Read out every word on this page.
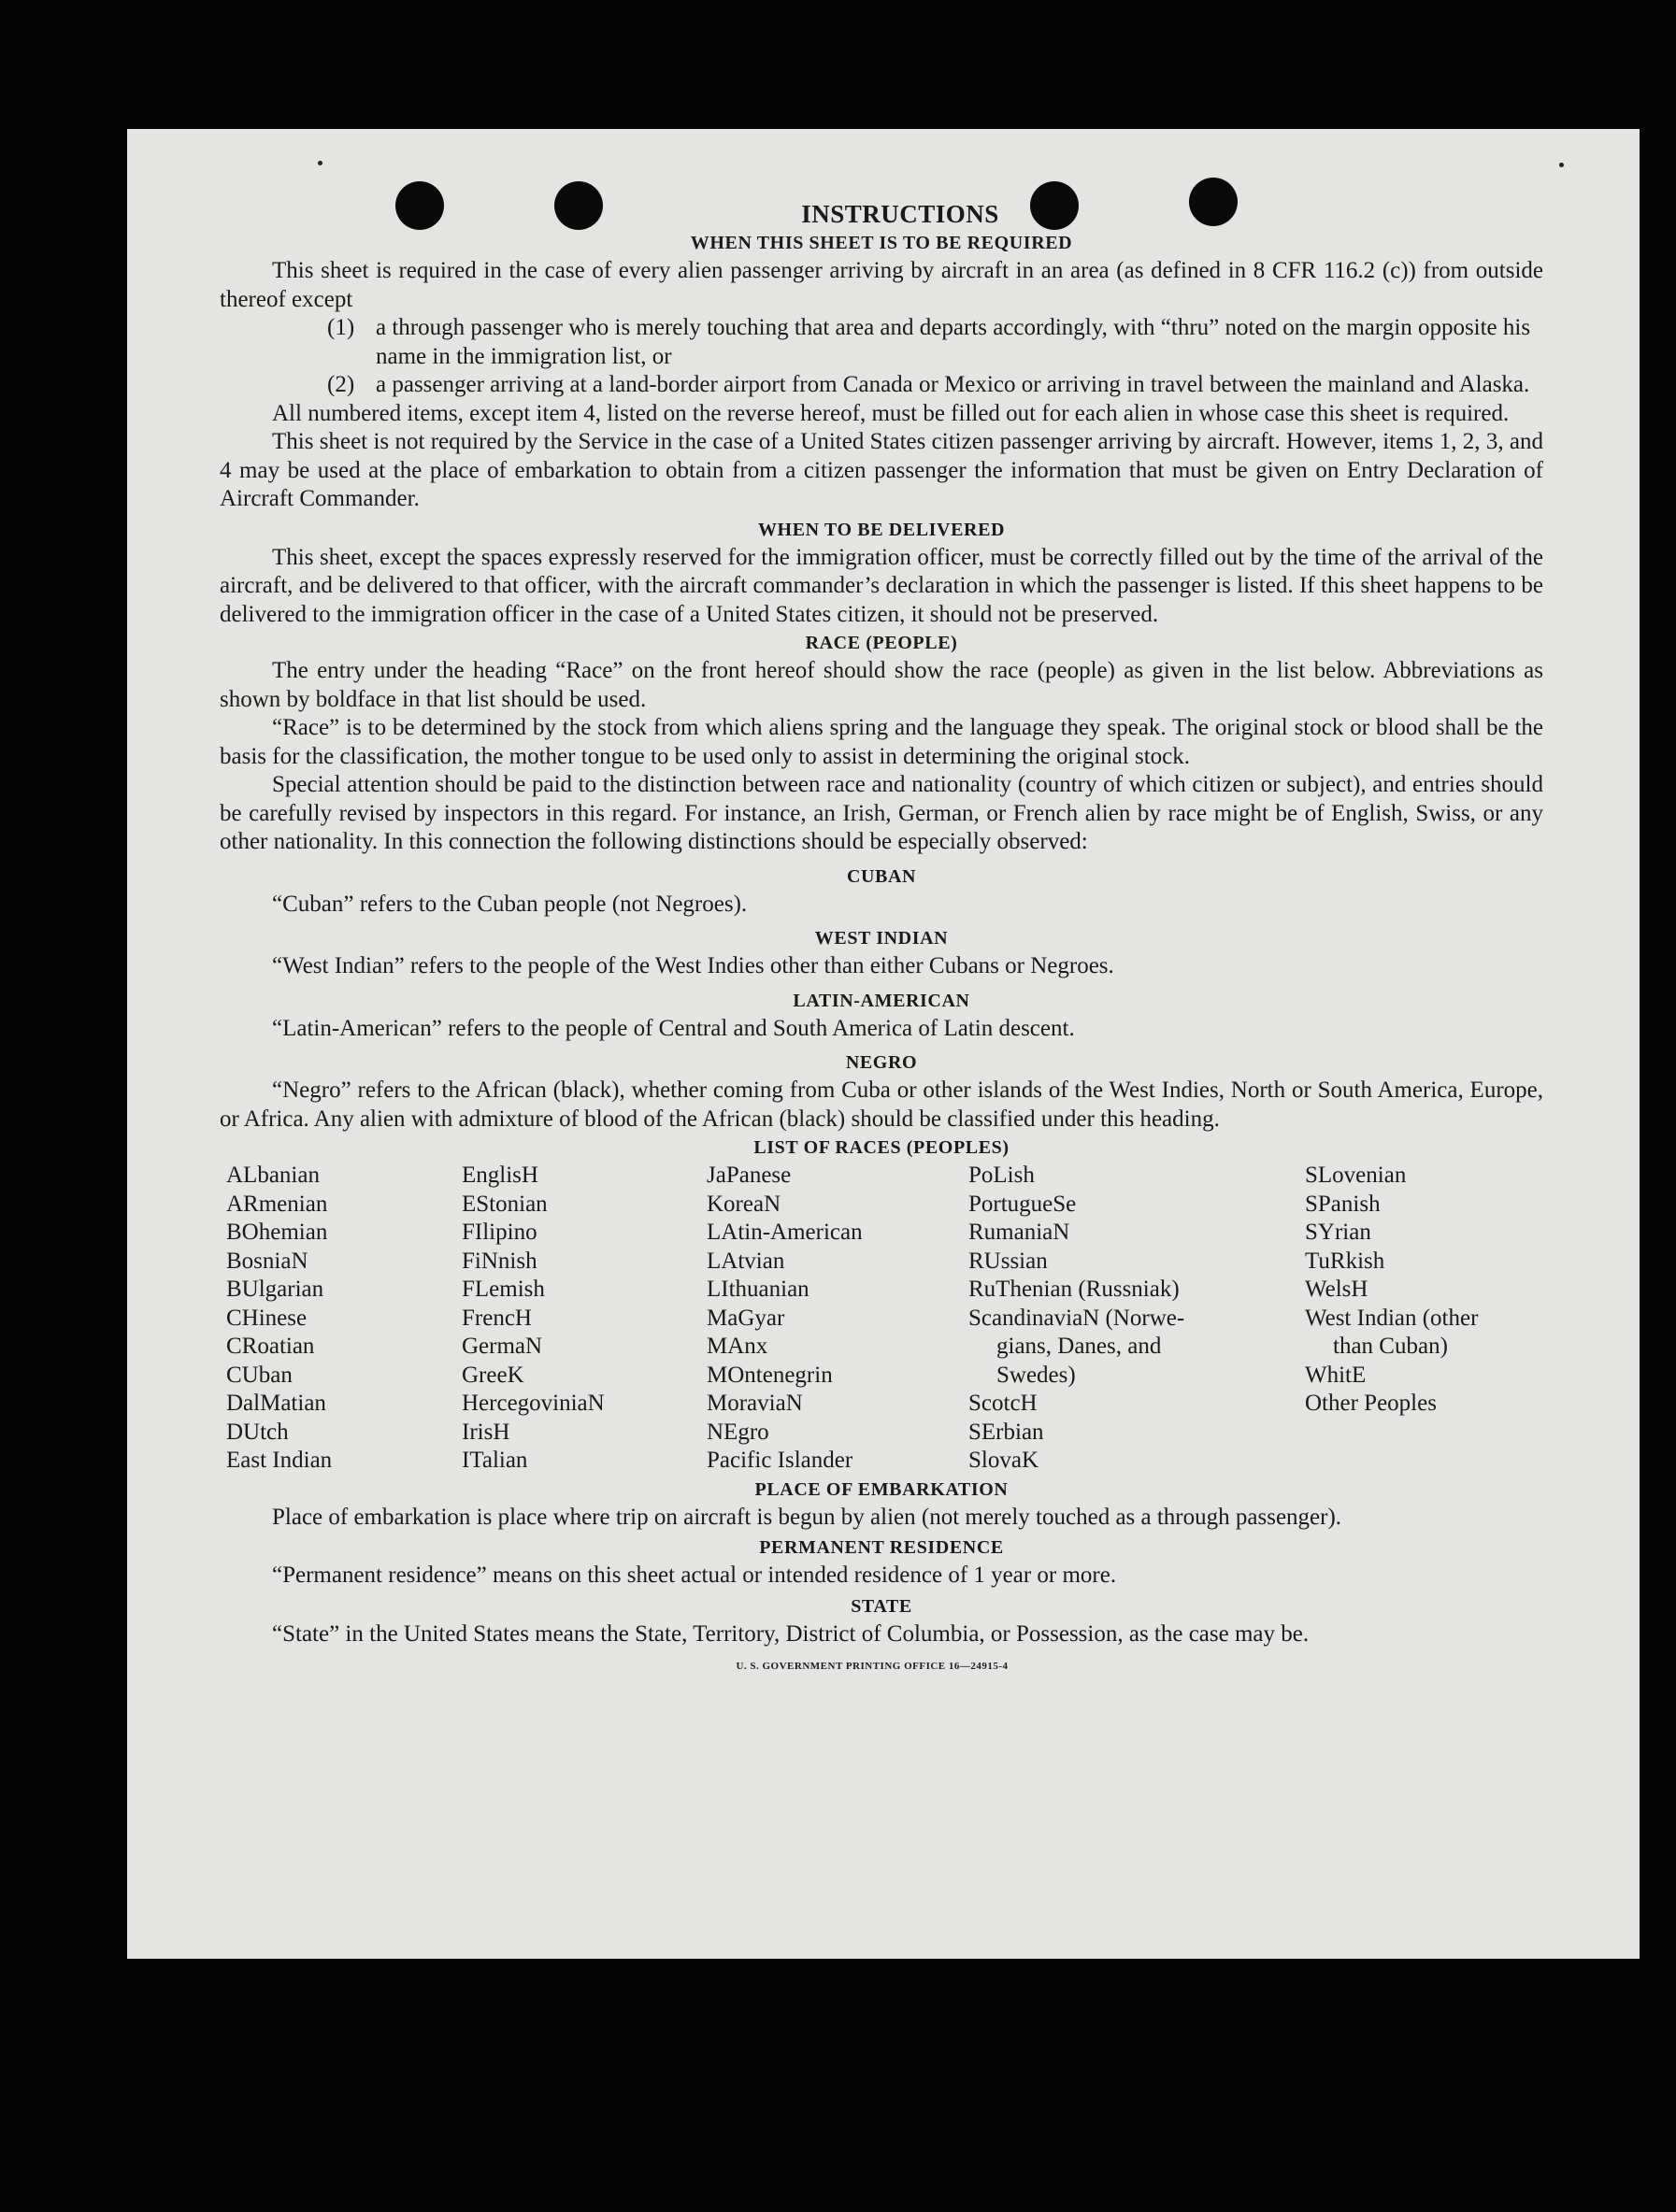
INSTRUCTIONS
WHEN THIS SHEET IS TO BE REQUIRED

This sheet is required in the case of every alien passenger arriving by aircraft in an area (as defined in 8 CFR 116.2 (c)) from outside thereof except

(1) a through passenger who is merely touching that area and departs accordingly, with “thru” noted on the margin opposite his name in the immigration list, or
(2) a passenger arriving at a land-border airport from Canada or Mexico or arriving in travel between the mainland and Alaska.

All numbered items, except item 4, listed on the reverse hereof, must be filled out for each alien in whose case this sheet is required.

This sheet is not required by the Service in the case of a United States citizen passenger arriving by aircraft. However, items 1, 2, 3, and 4 may be used at the place of embarkation to obtain from a citizen passenger the information that must be given on Entry Declaration of Aircraft Commander.

WHEN TO BE DELIVERED

This sheet, except the spaces expressly reserved for the immigration officer, must be correctly filled out by the time of the arrival of the aircraft, and be delivered to that officer, with the aircraft commander’s declaration in which the passenger is listed. If this sheet happens to be delivered to the immigration officer in the case of a United States citizen, it should not be preserved.

RACE (PEOPLE)

The entry under the heading “Race” on the front hereof should show the race (people) as given in the list below. Abbreviations as shown by boldface in that list should be used.

“Race” is to be determined by the stock from which aliens spring and the language they speak. The original stock or blood shall be the basis for the classification, the mother tongue to be used only to assist in determining the original stock.

Special attention should be paid to the distinction between race and nationality (country of which citizen or subject), and entries should be carefully revised by inspectors in this regard. For instance, an Irish, German, or French alien by race might be of English, Swiss, or any other nationality. In this connection the following distinctions should be especially observed:

CUBAN

“Cuban” refers to the Cuban people (not Negroes).

WEST INDIAN

“West Indian” refers to the people of the West Indies other than either Cubans or Negroes.

LATIN-AMERICAN

“Latin-American” refers to the people of Central and South America of Latin descent.

NEGRO

“Negro” refers to the African (black), whether coming from Cuba or other islands of the West Indies, North or South America, Europe, or Africa. Any alien with admixture of blood of the African (black) should be classified under this heading.

LIST OF RACES (PEOPLES)
ALbanian
ARmenian
BOhemian
BosniaN
BUlgarian
CHinese
CRoatian
CUban
DalMatian
DUtch
East Indian
EnglisH
EStonian
FIlipino
FiNnish
FLemish
FrencH
GermaN
GreeK
HercegoviniaN
IrisH
ITalian
JaPanese
KoreaN
LAtin-American
LAtvian
LIthuanian
MaGyar
MAnx
MOntenegrin
MoraviaN
NEgro
Pacific Islander
PoLish
PortugueSe
RumaniaN
RUssian
RuThenian (Russniak)
ScandinaviaN (Norwe-
gians, Danes, and
Swedes)
ScotcH
SErbian
SlovaK
SLovenian
SPanish
SYrian
TuRkish
WelsH
West Indian (other
than Cuban)
WhitE
Other Peoples
PLACE OF EMBARKATION

Place of embarkation is place where trip on aircraft is begun by alien (not merely touched as a through passenger).

PERMANENT RESIDENCE

“Permanent residence” means on this sheet actual or intended residence of 1 year or more.

STATE

“State” in the United States means the State, Territory, District of Columbia, or Possession, as the case may be.

U. S. GOVERNMENT PRINTING OFFICE 16—24915-4
